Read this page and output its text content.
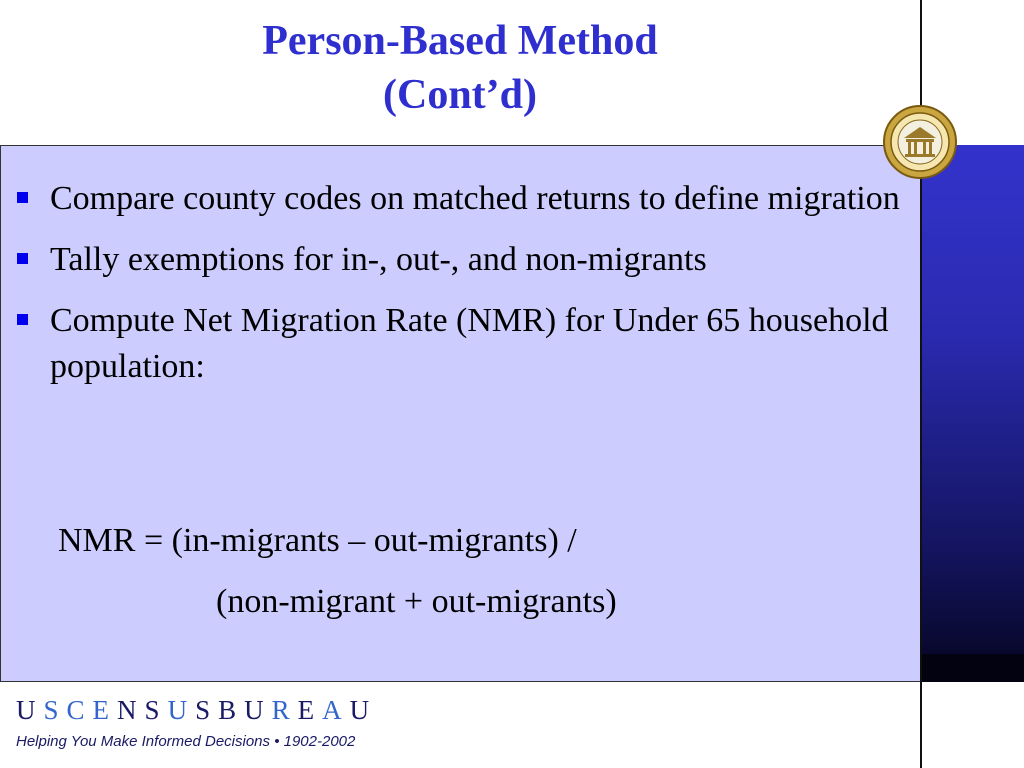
Person-Based Method
(Cont’d)
Compare county codes on matched returns to define migration
Tally exemptions for in-, out-, and non-migrants
Compute Net Migration Rate (NMR) for Under 65 household population:
NMR = (in-migrants – out-migrants) /
(non-migrant + out-migrants)
USCENSUSBUREAU
Helping You Make Informed Decisions • 1902-2002
